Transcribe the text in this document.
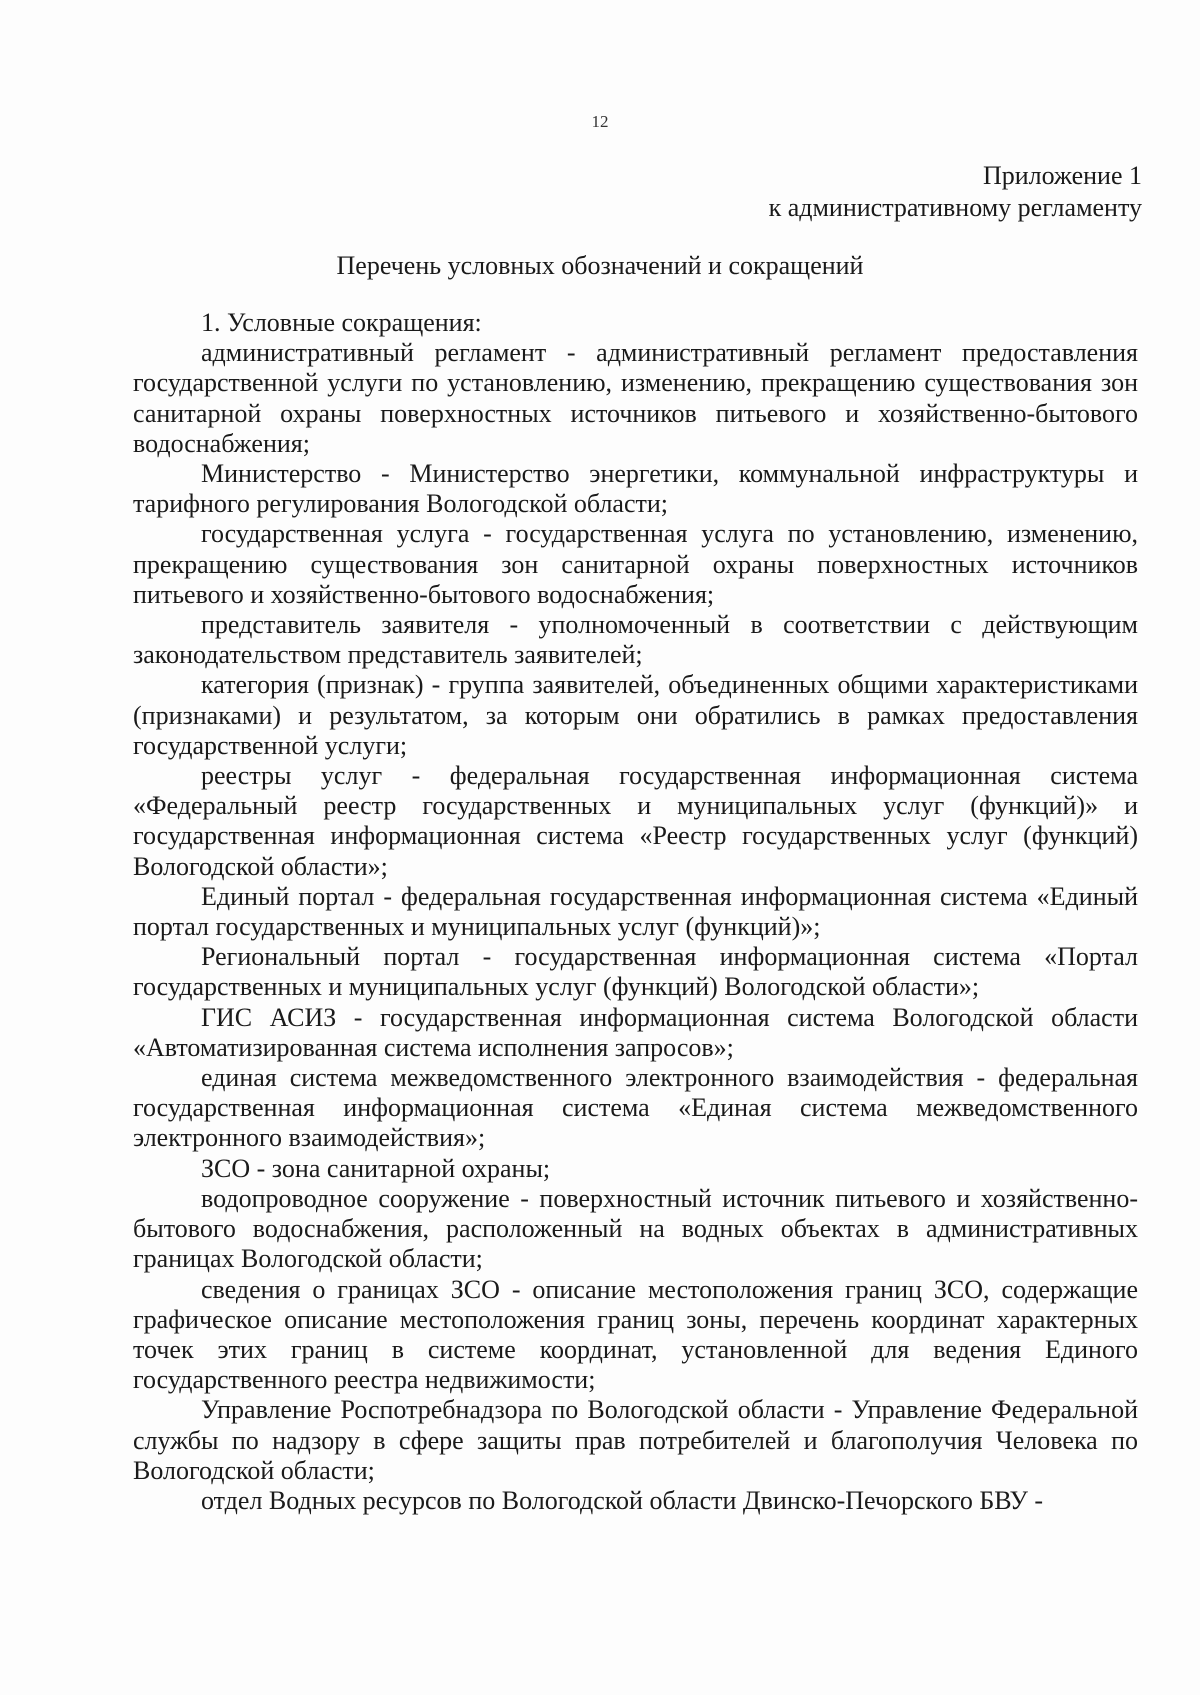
12
Приложение 1
к административному регламенту
Перечень условных обозначений и сокращений

1. Условные сокращения:

административный регламент - административный регламент предоставления государственной услуги по установлению, изменению, прекращению существования зон санитарной охраны поверхностных источников питьевого и хозяйственно-бытового водоснабжения;

Министерство - Министерство энергетики, коммунальной инфраструктуры и тарифного регулирования Вологодской области;

государственная услуга - государственная услуга по установлению, изменению, прекращению существования зон санитарной охраны поверхностных источников питьевого и хозяйственно-бытового водоснабжения;

представитель заявителя - уполномоченный в соответствии с действующим законодательством представитель заявителей;

категория (признак) - группа заявителей, объединенных общими характеристиками (признаками) и результатом, за которым они обратились в рамках предоставления государственной услуги;

реестры услуг - федеральная государственная информационная система «Федеральный реестр государственных и муниципальных услуг (функций)» и государственная информационная система «Реестр государственных услуг (функций) Вологодской области»;

Единый портал - федеральная государственная информационная система «Единый портал государственных и муниципальных услуг (функций)»;

Региональный портал - государственная информационная система «Портал государственных и муниципальных услуг (функций) Вологодской области»;

ГИС АСИЗ - государственная информационная система Вологодской области «Автоматизированная система исполнения запросов»;

единая система межведомственного электронного взаимодействия - федеральная государственная информационная система «Единая система межведомственного электронного взаимодействия»;

ЗСО - зона санитарной охраны;

водопроводное сооружение - поверхностный источник питьевого и хозяйственно-бытового водоснабжения, расположенный на водных объектах в административных границах Вологодской области;

сведения о границах ЗСО - описание местоположения границ ЗСО, содержащие графическое описание местоположения границ зоны, перечень координат характерных точек этих границ в системе координат, установленной для ведения Единого государственного реестра недвижимости;

Управление Роспотребнадзора по Вологодской области - Управление Федеральной службы по надзору в сфере защиты прав потребителей и благополучия Человека по Вологодской области;

отдел Водных ресурсов по Вологодской области Двинско-Печорского БВУ -
